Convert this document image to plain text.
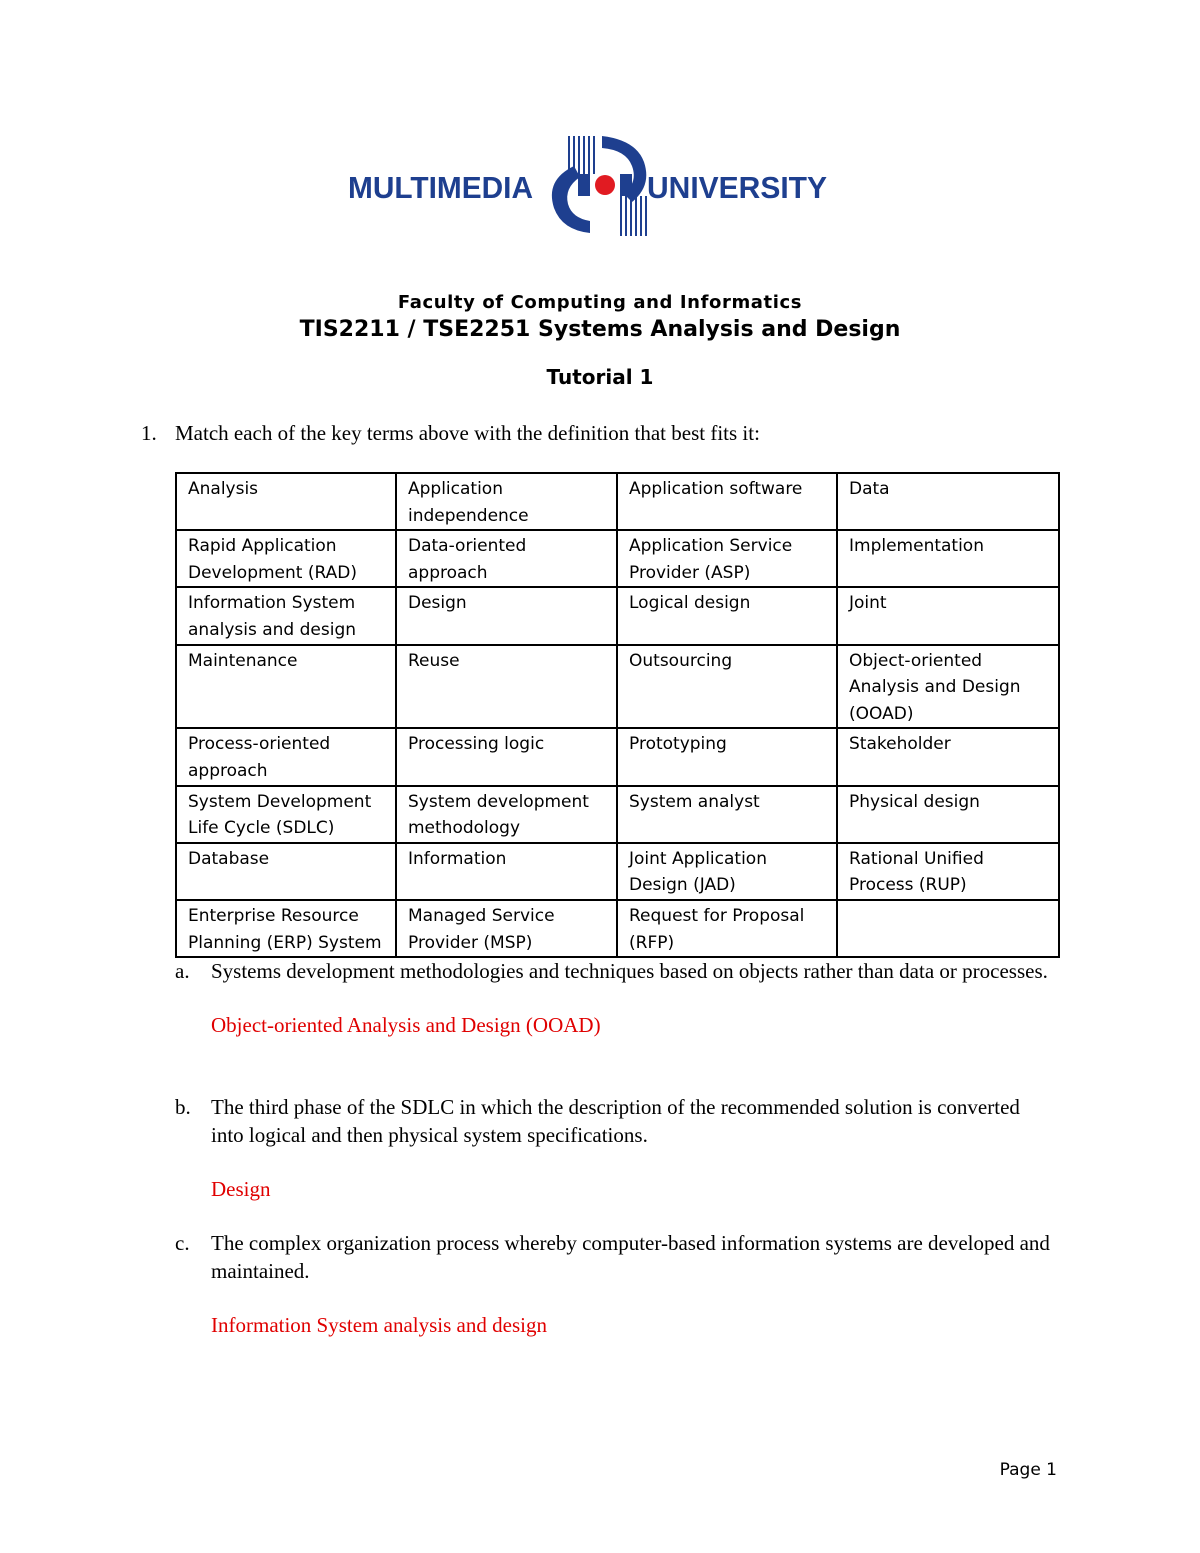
MULTIMEDIA	UNIVERSITY
Faculty of Computing and Informatics
TIS2211 / TSE2251 Systems Analysis and Design
Tutorial 1
1. Match each of the key terms above with the definition that best fits it:
Analysis	Application independence	Application software	Data
Rapid Application Development (RAD)	Data-oriented approach	Application Service Provider (ASP)	Implementation
Information System analysis and design	Design	Logical design	Joint
Maintenance	Reuse	Outsourcing	Object-oriented Analysis and Design (OOAD)
Process-oriented approach	Processing logic	Prototyping	Stakeholder
System Development Life Cycle (SDLC)	System development methodology	System analyst	Physical design
Database	Information	Joint Application Design (JAD)	Rational Unified Process (RUP)
Enterprise Resource Planning (ERP) System	Managed Service Provider (MSP)	Request for Proposal (RFP)	
a. Systems development methodologies and techniques based on objects rather than data or processes.
Object-oriented Analysis and Design (OOAD)
b. The third phase of the SDLC in which the description of the recommended solution is converted into logical and then physical system specifications.
Design
c. The complex organization process whereby computer-based information systems are developed and maintained.
Information System analysis and design
Page 1
